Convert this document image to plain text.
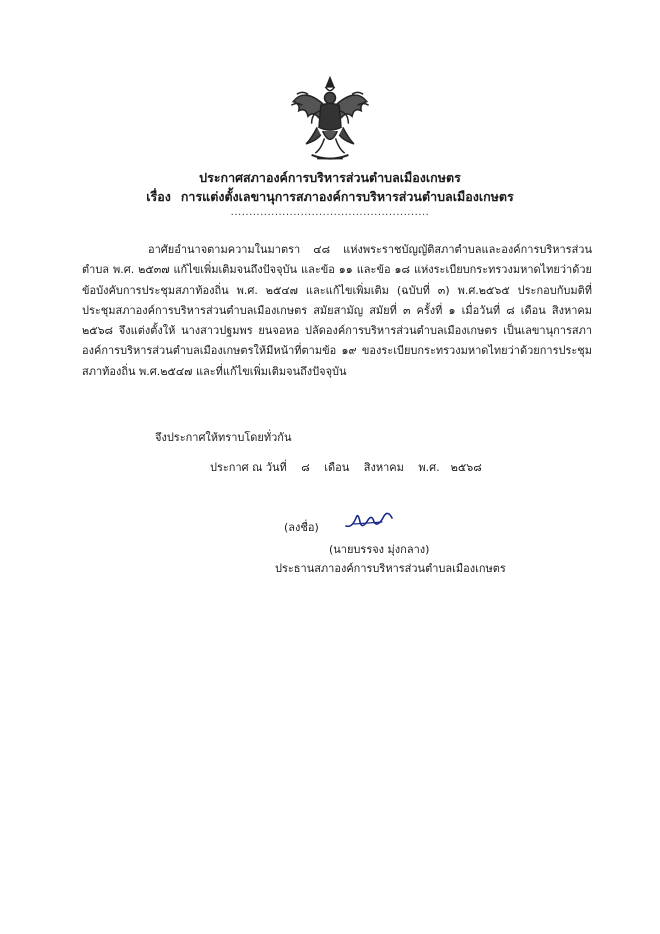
ประกาศสภาองค์การบริหารส่วนตำบลเมืองเกษตร
เรื่อง การแต่งตั้งเลขานุการสภาองค์การบริหารส่วนตำบลเมืองเกษตร
......................................................

อาศัยอำนาจตามความในมาตรา ๔๘ แห่งพระราชบัญญัติสภาตำบลและองค์การบริหารส่วนตำบล พ.ศ. ๒๕๓๗ แก้ไขเพิ่มเติมจนถึงปัจจุบัน และข้อ ๑๑ และข้อ ๑๘ แห่งระเบียบกระทรวงมหาดไทยว่าด้วยข้อบังคับการประชุมสภาท้องถิ่น พ.ศ. ๒๕๔๗ และแก้ไขเพิ่มเติม (ฉบับที่ ๓) พ.ศ.๒๕๖๕ ประกอบกับมติที่ประชุมสภาองค์การบริหารส่วนตำบลเมืองเกษตร สมัยสามัญ สมัยที่ ๓ ครั้งที่ ๑ เมื่อวันที่ ๘ เดือน สิงหาคม ๒๕๖๘ จึงแต่งตั้งให้ นางสาวปฐมพร ยนจอหอ ปลัดองค์การบริหารส่วนตำบลเมืองเกษตร เป็นเลขานุการสภาองค์การบริหารส่วนตำบลเมืองเกษตรให้มีหน้าที่ตามข้อ ๑๙ ของระเบียบกระทรวงมหาดไทยว่าด้วยการประชุมสภาท้องถิ่น พ.ศ.๒๕๔๗ และที่แก้ไขเพิ่มเติมจนถึงปัจจุบัน

จึงประกาศให้ทราบโดยทั่วกัน
ประกาศ ณ วันที่ ๘ เดือน สิงหาคม พ.ศ. ๒๕๖๘
(ลงชื่อ)
(นายบรรจง มุ่งกลาง)
ประธานสภาองค์การบริหารส่วนตำบลเมืองเกษตร
